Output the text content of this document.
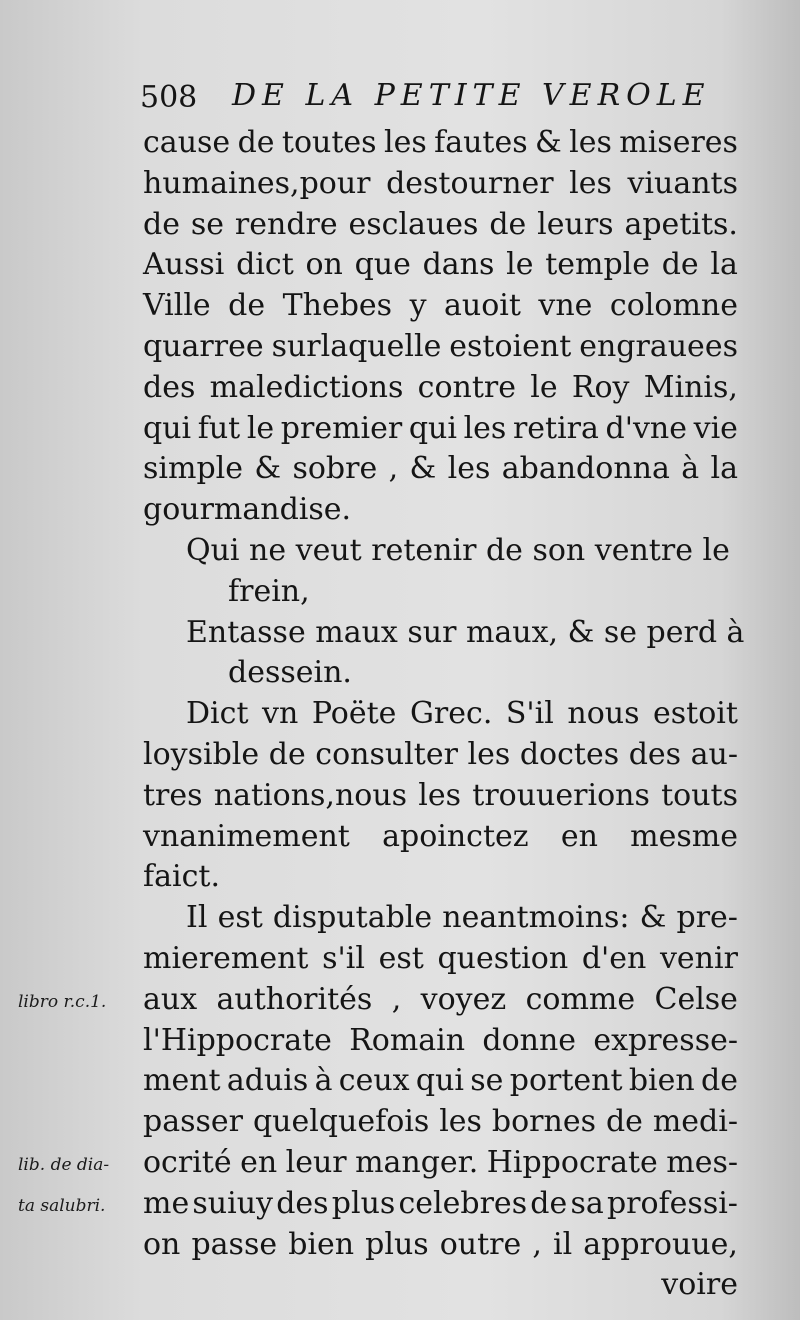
508 DE LA PETITE VEROLE
cause de toutes les fautes & les miseres
humaines,pour destourner les viuants
de se rendre esclaues de leurs apetits.
Aussi dict on que dans le temple de la
Ville de Thebes y auoit vne colomne
quarree surlaquelle estoient engrauees
des maledictions contre le Roy Minis,
qui fut le premier qui les retira d'vne vie
simple & sobre , & les abandonna à la
gourmandise.
Qui ne veut retenir de son ventre le
frein,
Entasse maux sur maux, & se perd à
dessein.
Dict vn Poëte Grec. S'il nous estoit
loysible de consulter les doctes des au-
tres nations,nous les trouuerions touts
vnanimement apoinctez en mesme
faict.
Il est disputable neantmoins: & pre-
mierement s'il est question d'en venir
aux authorités , voyez comme Celse
l'Hippocrate Romain donne expresse-
ment aduis à ceux qui se portent bien de
passer quelquefois les bornes de medi-
ocrité en leur manger. Hippocrate mes-
me suiuy des plus celebres de sa professi-
on passe bien plus outre , il approuue,
voire
libro r.c.1.
lib. de dia-
ta salubri.
